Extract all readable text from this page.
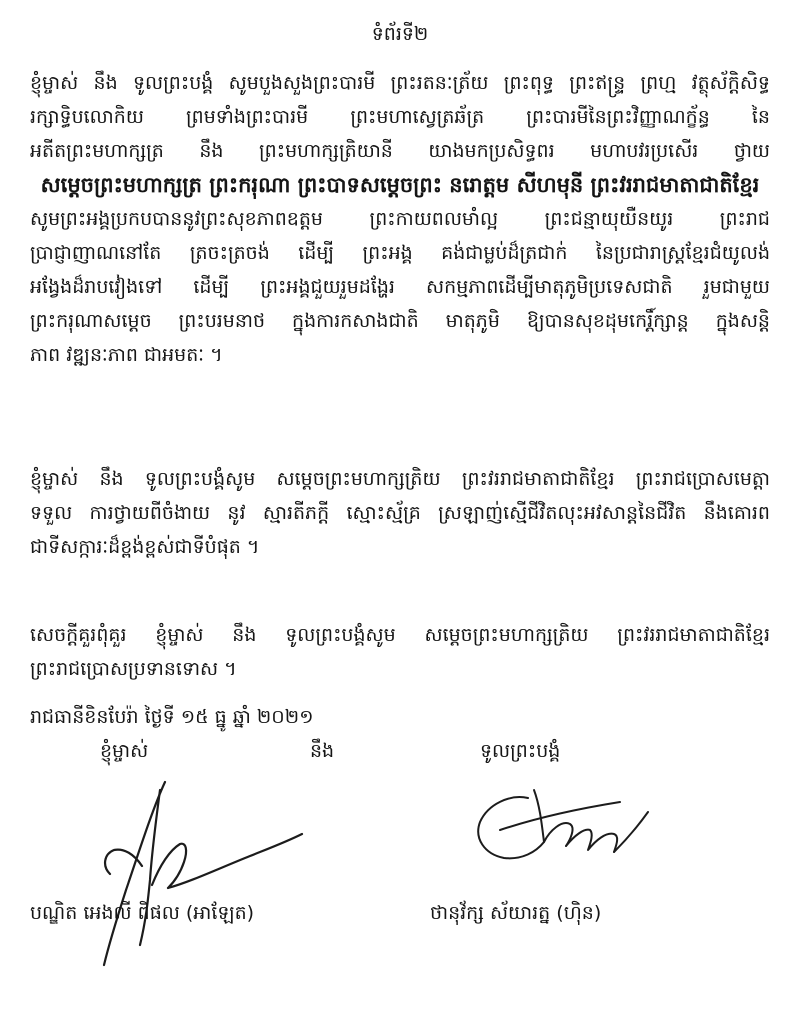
ទំព័រទី២
ខ្ញុំម្ចាស់ នឹង ទូលព្រះបង្គំ សូមបួងសួងព្រះបារមី ព្រះរតនៈត្រ័យ ព្រះពុទ្ធ ព្រះឥន្ទ្រ ព្រហ្ម វត្ថុស័ក្តិសិទ្ធ
រក្សាទិ្ធបលោកិយ ព្រមទាំងព្រះបារមី ព្រះមហាស្វេត្រឆ័ត្រ ព្រះបារមីនៃព្រះវិញ្ញាណក្ខ័ន្ធ នៃ
អតីតព្រះមហាក្សត្រ នឹង ព្រះមហាក្សត្រិយានី យាងមកប្រសិទ្ធពរ មហាបវរប្រសើរ ថ្វាយ
សម្តេចព្រះមហាក្សត្រ ព្រះករុណា ព្រះបាទសម្តេចព្រះ នរោត្តម សីហមុនី ព្រះវររាជមាតាជាតិខ្មែរ
សូមព្រះអង្គប្រកបបាននូវព្រះសុខភាពឧត្តម ព្រះកាយពលមាំល្អ ព្រះជន្មាយុយឺនយូរ ព្រះរាជ
ប្រាជ្ញាញាណនៅតែ ត្រចះត្រចង់ ដើម្បី ព្រះអង្គ គង់ជាម្លប់ដ៏ត្រជាក់ នៃប្រជារាស្រ្តខ្មែរជំយូលង់
អង្វែងដ៏រាបវៀងទៅ ដើម្បី ព្រះអង្គជួយរួមដង្ហែរ សកម្មភាពដើម្បីមាតុភូមិប្រទេសជាតិ រួមជាមួយ
ព្រះករុណាសម្តេច ព្រះបរមនាថ ក្នុងការកសាងជាតិ មាតុភូមិ ឱ្យបានសុខដុមកេរ្តិ៍ក្សាន្ត ក្នុងសន្តិ
ភាព វឌ្ឍនៈភាព ជាអមតៈ ។
ខ្ញុំម្ចាស់ នឹង ទូលព្រះបង្គំសូម សម្តេចព្រះមហាក្សត្រិយ ព្រះវររាជមាតាជាតិខ្មែរ ព្រះរាជប្រោសមេត្តា
ទទួល ការថ្វាយពីចំងាយ នូវ ស្មារតីភក្តី ស្មោះស្ម័គ្រ ស្រឡាញ់ស្មើជីវិតលុះអវសាន្តនៃជីវិត នឹងគោរព
ជាទីសក្ការៈដ៏ខ្ពង់ខ្ពស់ជាទីបំផុត ។
សេចក្តីគួរពុំគួរ ខ្ញុំម្ចាស់ នឹង ទូលព្រះបង្គំសូម សម្តេចព្រះមហាក្សត្រិយ ព្រះវររាជមាតាជាតិខ្មែរ
ព្រះរាជប្រោសប្រទានទោស ។
រាជធានីខិនបែរ៉ា ថ្ងៃទី ១៥ ធ្នូ ឆ្នាំ ២០២១
ខ្ញុំម្ចាស់	នឹង	ទូលព្រះបង្គំ
បណ្ឌិត អេងលី ពិផល (អាឡែត)	ថានុវ័ក្ស ស័យារត្ន (ហ៊ិន)
